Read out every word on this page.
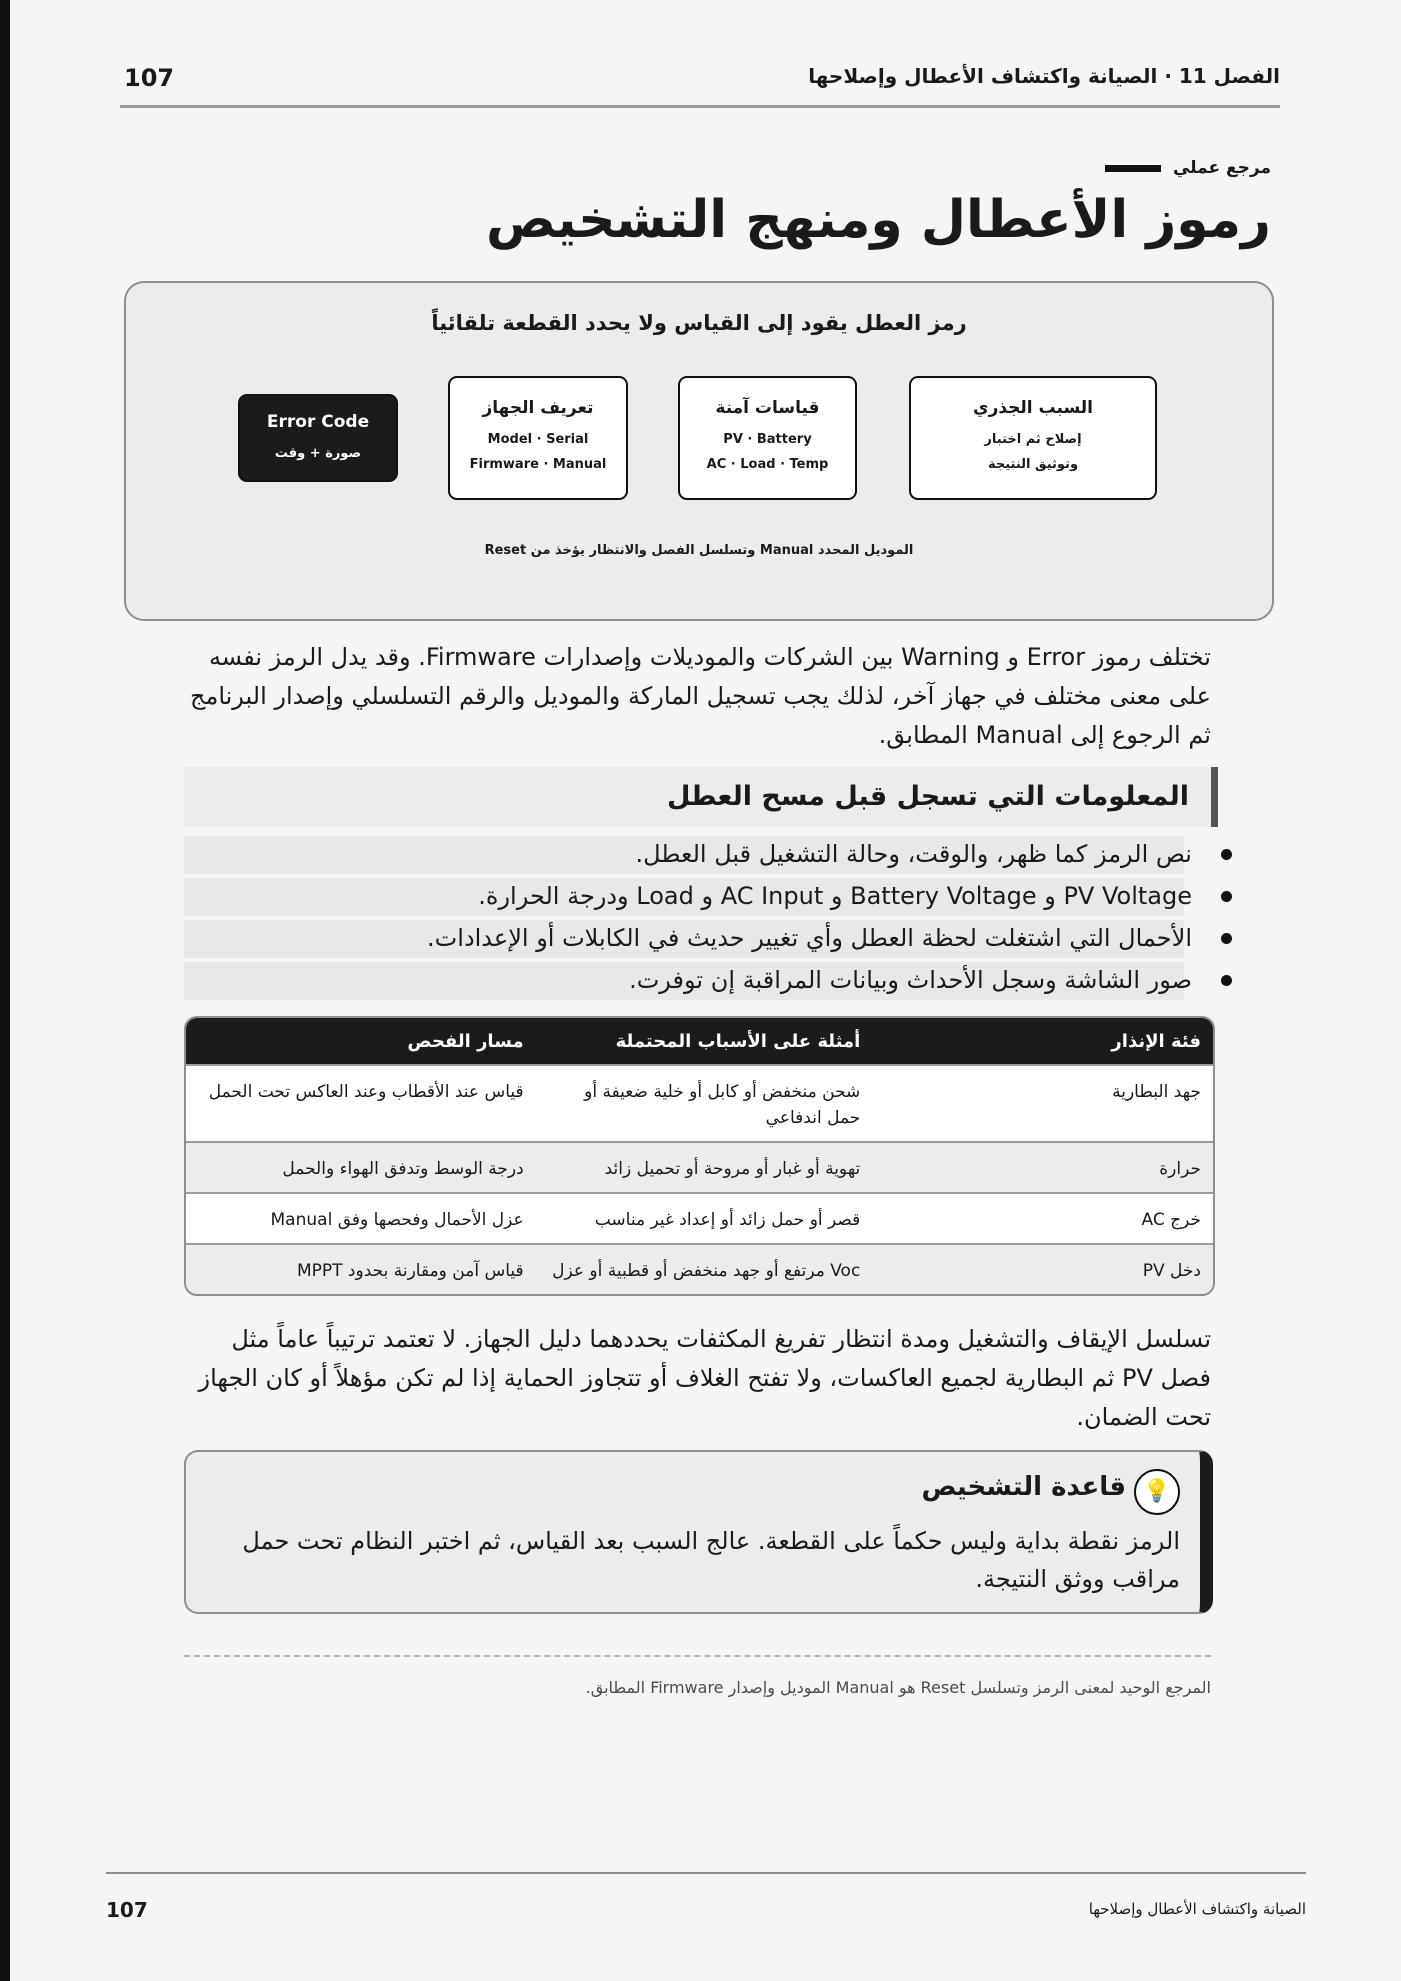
107	الفصل 11 · الصيانة واكتشاف الأعطال وإصلاحها
مرجع عملي
رموز الأعطال ومنهج التشخيص
رمز العطل يقود إلى القياس ولا يحدد القطعة تلقائياً
Error Code
صورة + وقت
تعريف الجهاز
Model · Serial
Firmware · Manual
قياسات آمنة
PV · Battery
AC · Load · Temp
السبب الجذري
إصلاح ثم اختبار
وتوثيق النتيجة
الموديل المحدد Manual وتسلسل الفصل والانتظار يؤخذ من Reset

تختلف رموز Error و Warning بين الشركات والموديلات وإصدارات Firmware. وقد يدل الرمز نفسه على معنى مختلف في جهاز آخر، لذلك يجب تسجيل الماركة والموديل والرقم التسلسلي وإصدار البرنامج ثم الرجوع إلى Manual المطابق.

المعلومات التي تسجل قبل مسح العطل
نص الرمز كما ظهر، والوقت، وحالة التشغيل قبل العطل.
PV Voltage و Battery Voltage و AC Input و Load ودرجة الحرارة.
الأحمال التي اشتغلت لحظة العطل وأي تغيير حديث في الكابلات أو الإعدادات.
صور الشاشة وسجل الأحداث وبيانات المراقبة إن توفرت.
فئة الإنذار	أمثلة على الأسباب المحتملة	مسار الفحص
جهد البطارية	شحن منخفض أو كابل أو خلية ضعيفة أو حمل اندفاعي	قياس عند الأقطاب وعند العاكس تحت الحمل
حرارة	تهوية أو غبار أو مروحة أو تحميل زائد	درجة الوسط وتدفق الهواء والحمل
خرج AC	قصر أو حمل زائد أو إعداد غير مناسب	عزل الأحمال وفحصها وفق Manual
دخل PV	Voc مرتفع أو جهد منخفض أو قطبية أو عزل	قياس آمن ومقارنة بحدود MPPT

تسلسل الإيقاف والتشغيل ومدة انتظار تفريغ المكثفات يحددهما دليل الجهاز. لا تعتمد ترتيباً عاماً مثل فصل PV ثم البطارية لجميع العاكسات، ولا تفتح الغلاف أو تتجاوز الحماية إذا لم تكن مؤهلاً أو كان الجهاز تحت الضمان.

💡
قاعدة التشخيص

الرمز نقطة بداية وليس حكماً على القطعة. عالج السبب بعد القياس، ثم اختبر النظام تحت حمل مراقب ووثق النتيجة.

المرجع الوحيد لمعنى الرمز وتسلسل Reset هو Manual الموديل وإصدار Firmware المطابق.
107	الصيانة واكتشاف الأعطال وإصلاحها
